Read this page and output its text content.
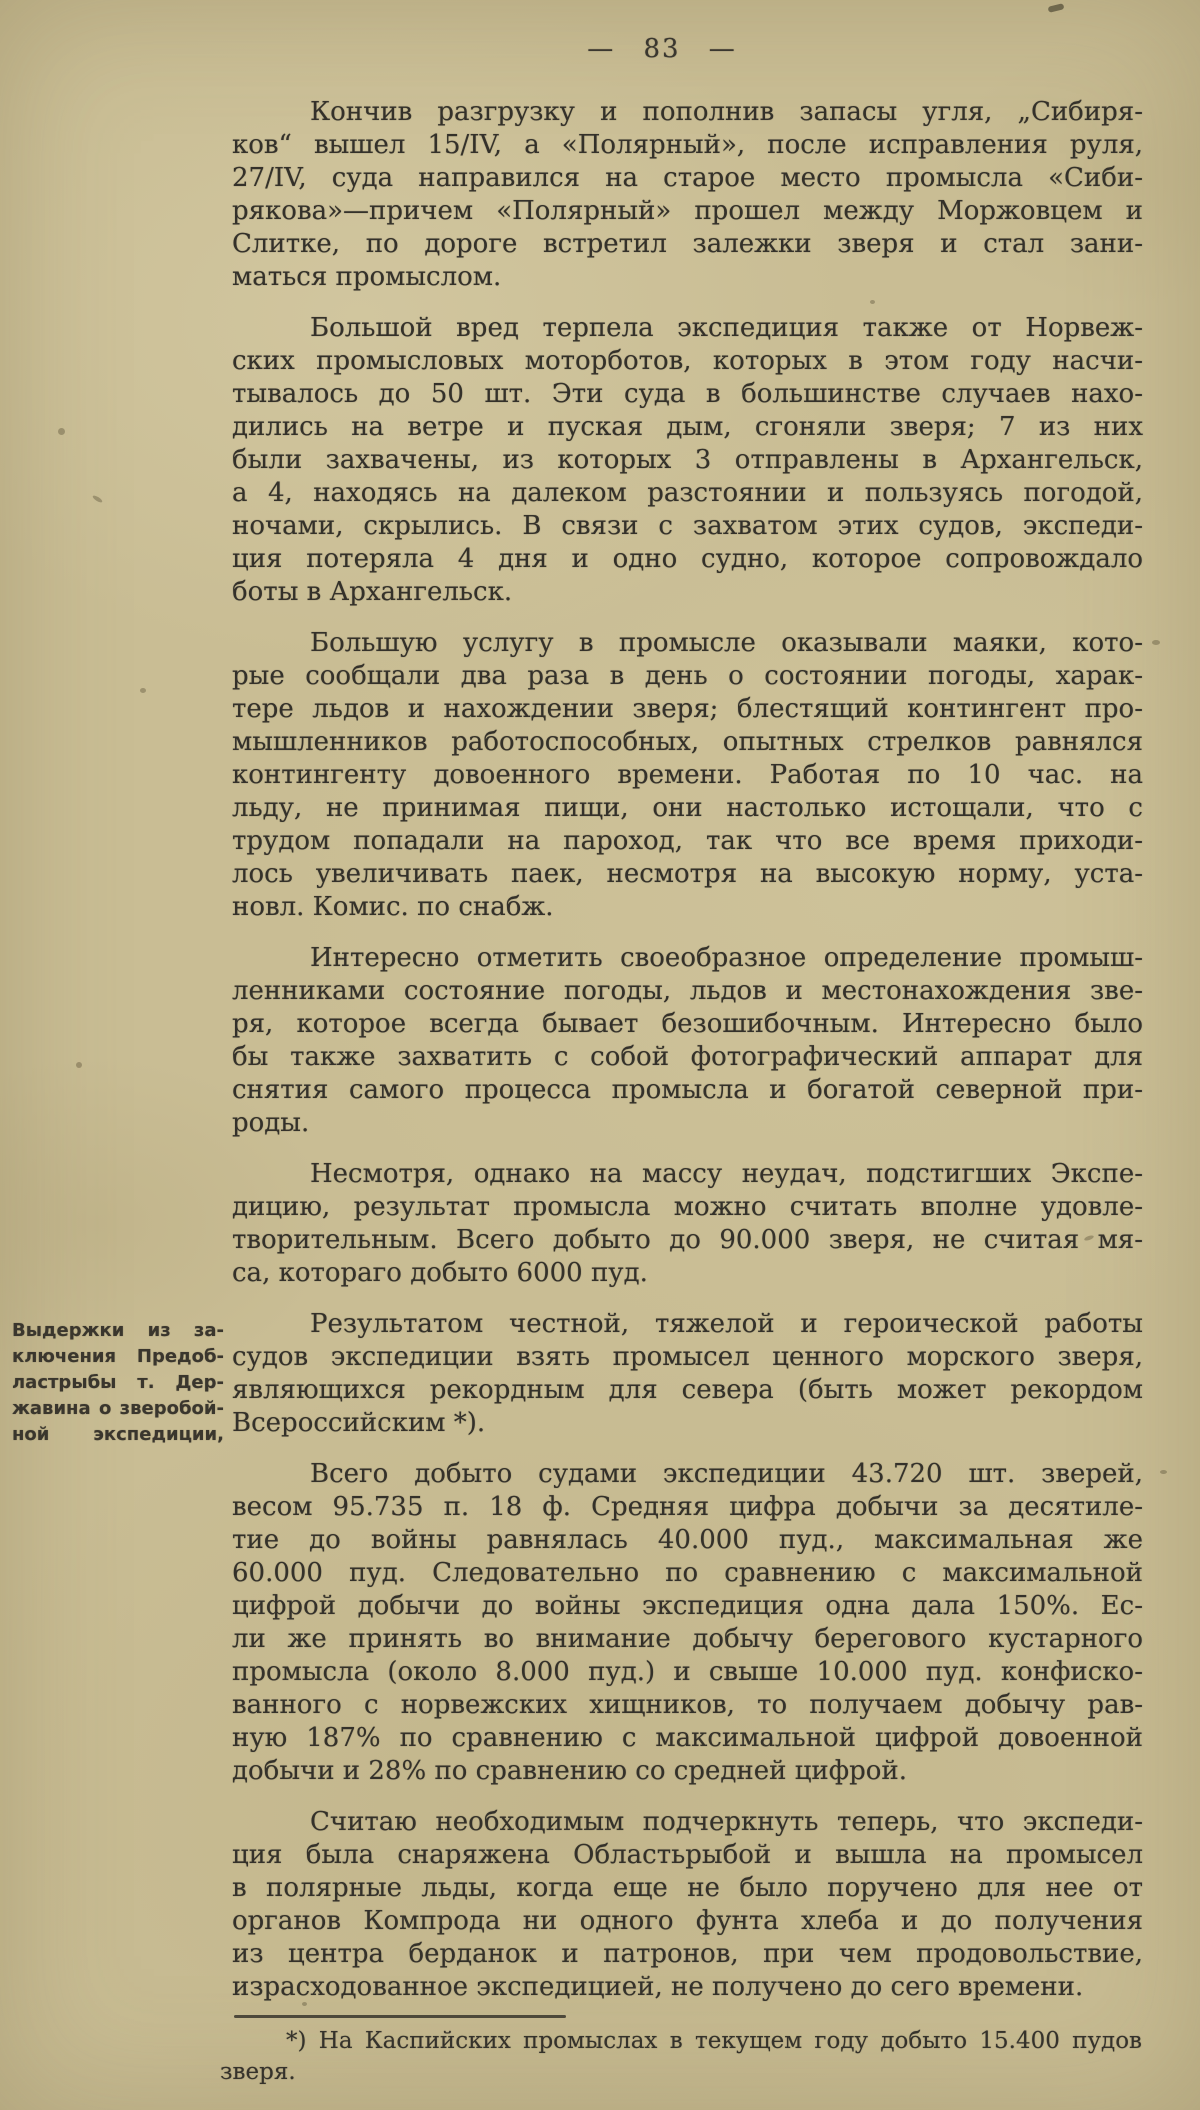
— 83 —
Выдержки из за-
ключения Предоб-
ластрыбы т. Дер-
жавина о зверобой-
ной экспедиции,
Кончив разгрузку и пополнив запасы угля, „Сибиря-
ков“ вышел 15/IV, а «Полярный», после исправления руля,
27/IV, суда направился на старое место промысла «Сиби-
рякова»—причем «Полярный» прошел между Моржовцем и
Слитке, по дороге встретил залежки зверя и стал зани-
маться промыслом.
Большой вред терпела экспедиция также от Норвеж-
ских промысловых моторботов, которых в этом году насчи-
тывалось до 50 шт. Эти суда в большинстве случаев нахо-
дились на ветре и пуская дым, сгоняли зверя; 7 из них
были захвачены, из которых 3 отправлены в Архангельск,
а 4, находясь на далеком разстоянии и пользуясь погодой,
ночами, скрылись. В связи с захватом этих судов, экспеди-
ция потеряла 4 дня и одно судно, которое сопровождало
боты в Архангельск.
Большую услугу в промысле оказывали маяки, кото-
рые сообщали два раза в день о состоянии погоды, харак-
тере льдов и нахождении зверя; блестящий контингент про-
мышленников работоспособных, опытных стрелков равнялся
контингенту довоенного времени. Работая по 10 час. на
льду, не принимая пищи, они настолько истощали, что с
трудом попадали на пароход, так что все время приходи-
лось увеличивать паек, несмотря на высокую норму, уста-
новл. Комис. по снабж.
Интересно отметить своеобразное определение промыш-
ленниками состояние погоды, льдов и местонахождения зве-
ря, которое всегда бывает безошибочным. Интересно было
бы также захватить с собой фотографический аппарат для
снятия самого процесса промысла и богатой северной при-
роды.
Несмотря, однако на массу неудач, подстигших Экспе-
дицию, результат промысла можно считать вполне удовле-
творительным. Всего добыто до 90.000 зверя, не считая мя-
са, котораго добыто 6000 пуд.
Результатом честной, тяжелой и героической работы
судов экспедиции взять промысел ценного морского зверя,
являющихся рекордным для севера (быть может рекордом
Всероссийским *).
Всего добыто судами экспедиции 43.720 шт. зверей,
весом 95.735 п. 18 ф. Средняя цифра добычи за десятиле-
тие до войны равнялась 40.000 пуд., максимальная же
60.000 пуд. Следовательно по сравнению с максимальной
цифрой добычи до войны экспедиция одна дала 150%. Ес-
ли же принять во внимание добычу берегового кустарного
промысла (около 8.000 пуд.) и свыше 10.000 пуд. конфиско-
ванного с норвежских хищников, то получаем добычу рав-
ную 187% по сравнению с максимальной цифрой довоенной
добычи и 28% по сравнению со средней цифрой.
Считаю необходимым подчеркнуть теперь, что экспеди-
ция была снаряжена Областьрыбой и вышла на промысел
в полярные льды, когда еще не было поручено для нее от
органов Компрода ни одного фунта хлеба и до получения
из центра берданок и патронов, при чем продовольствие,
израсходованное экспедицией, не получено до сего времени.
*) На Каспийских промыслах в текущем году добыто 15.400 пудов
зверя.
